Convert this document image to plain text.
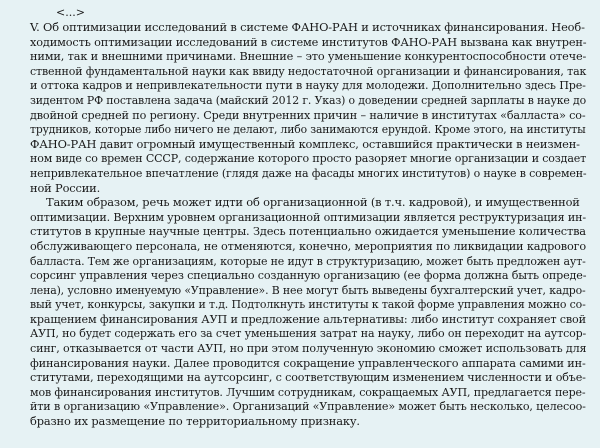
<...>

V. Об оптимизации исследований в системе ФАНО-РАН и источниках финансирования. Необ-
ходимость оптимизации исследований в системе институтов ФАНО-РАН вызвана как внутрен-
ними, так и внешними причинами. Внешние – это уменьшение конкурентоспособности отече-
ственной фундаментальной науки как ввиду недостаточной организации и финансирования, так
и оттока кадров и непривлекательности пути в науку для молодежи. Дополнительно здесь Пре-
зидентом РФ поставлена задача (майский 2012 г. Указ) о доведении средней зарплаты в науке до
двойной средней по региону. Среди внутренних причин – наличие в институтах «балласта» со-
трудников, которые либо ничего не делают, либо занимаются ерундой. Кроме этого, на институты
ФАНО-РАН давит огромный имущественный комплекс, оставшийся практически в неизмен-
ном виде со времен СССР, содержание которого просто разоряет многие организации и создает
непривлекательное впечатление (глядя даже на фасады многих институтов) о науке в современ-
ной России.

Таким образом, речь может идти об организационной (в т.ч. кадровой), и имущественной
оптимизации. Верхним уровнем организационной оптимизации является реструктуризация ин-
ститутов в крупные научные центры. Здесь потенциально ожидается уменьшение количества
обслуживающего персонала, не отменяются, конечно, мероприятия по ликвидации кадрового
балласта. Тем же организациям, которые не идут в структуризацию, может быть предложен аут-
сорсинг управления через специально созданную организацию (ее форма должна быть опреде-
лена), условно именуемую «Управление». В нее могут быть выведены бухгалтерский учет, кадро-
вый учет, конкурсы, закупки и т.д. Подтолкнуть институты к такой форме управления можно со-
кращением финансирования АУП и предложение альтернативы: либо институт сохраняет свой
АУП, но будет содержать его за счет уменьшения затрат на науку, либо он переходит на аутсор-
синг, отказывается от части АУП, но при этом полученную экономию сможет использовать для
финансирования науки. Далее проводится сокращение управленческого аппарата самими ин-
ститутами, переходящими на аутсорсинг, с соответствующим изменением численности и объе-
мов финансирования институтов. Лучшим сотрудникам, сокращаемых АУП, предлагается пере-
йти в организацию «Управление». Организаций «Управление» может быть несколько, целесоо-
бразно их размещение по территориальному признаку.
